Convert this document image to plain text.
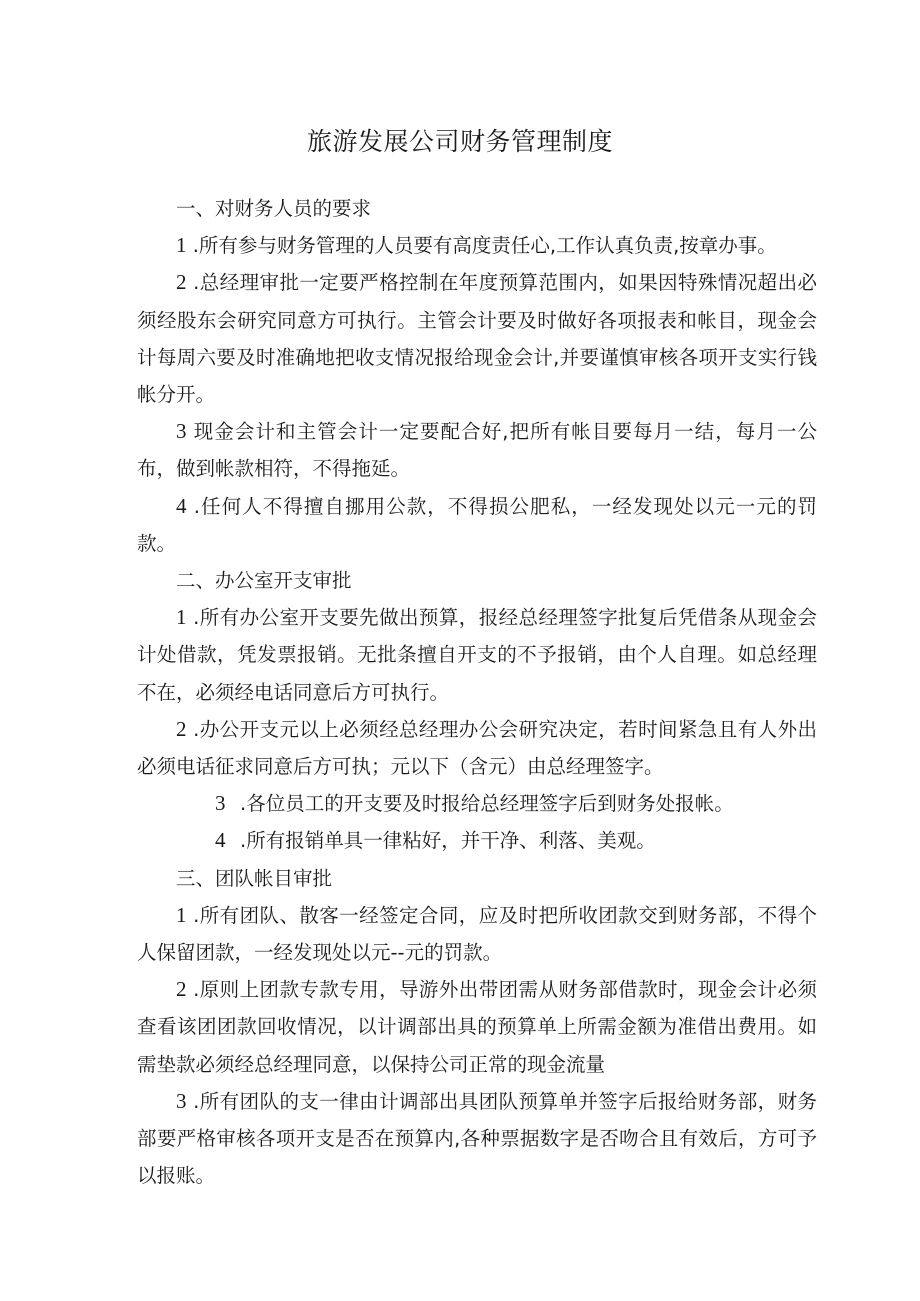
旅游发展公司财务管理制度

一、对财务人员的要求

1 .所有参与财务管理的人员要有高度责任心,工作认真负责,按章办事。

2 .总经理审批一定要严格控制在年度预算范围内，如果因特殊情况超出必须经股东会研究同意方可执行。主管会计要及时做好各项报表和帐目，现金会计每周六要及时准确地把收支情况报给现金会计,并要谨慎审核各项开支实行钱帐分开。

3 现金会计和主管会计一定要配合好,把所有帐目要每月一结，每月一公布，做到帐款相符，不得拖延。

4 .任何人不得擅自挪用公款，不得损公肥私，一经发现处以元一元的罚款。

二、办公室开支审批

1 .所有办公室开支要先做出预算，报经总经理签字批复后凭借条从现金会计处借款，凭发票报销。无批条擅自开支的不予报销，由个人自理。如总经理不在，必须经电话同意后方可执行。

2 .办公开支元以上必须经总经理办公会研究决定，若时间紧急且有人外出必须电话征求同意后方可执；元以下（含元）由总经理签字。

3 .各位员工的开支要及时报给总经理签字后到财务处报帐。

4 .所有报销单具一律粘好，并干净、利落、美观。

三、团队帐目审批

1 .所有团队、散客一经签定合同，应及时把所收团款交到财务部，不得个人保留团款，一经发现处以元--元的罚款。

2 .原则上团款专款专用，导游外出带团需从财务部借款时，现金会计必须查看该团团款回收情况，以计调部出具的预算单上所需金额为准借出费用。如需垫款必须经总经理同意，以保持公司正常的现金流量

3 .所有团队的支一律由计调部出具团队预算单并签字后报给财务部，财务部要严格审核各项开支是否在预算内,各种票据数字是否吻合且有效后，方可予以报账。
